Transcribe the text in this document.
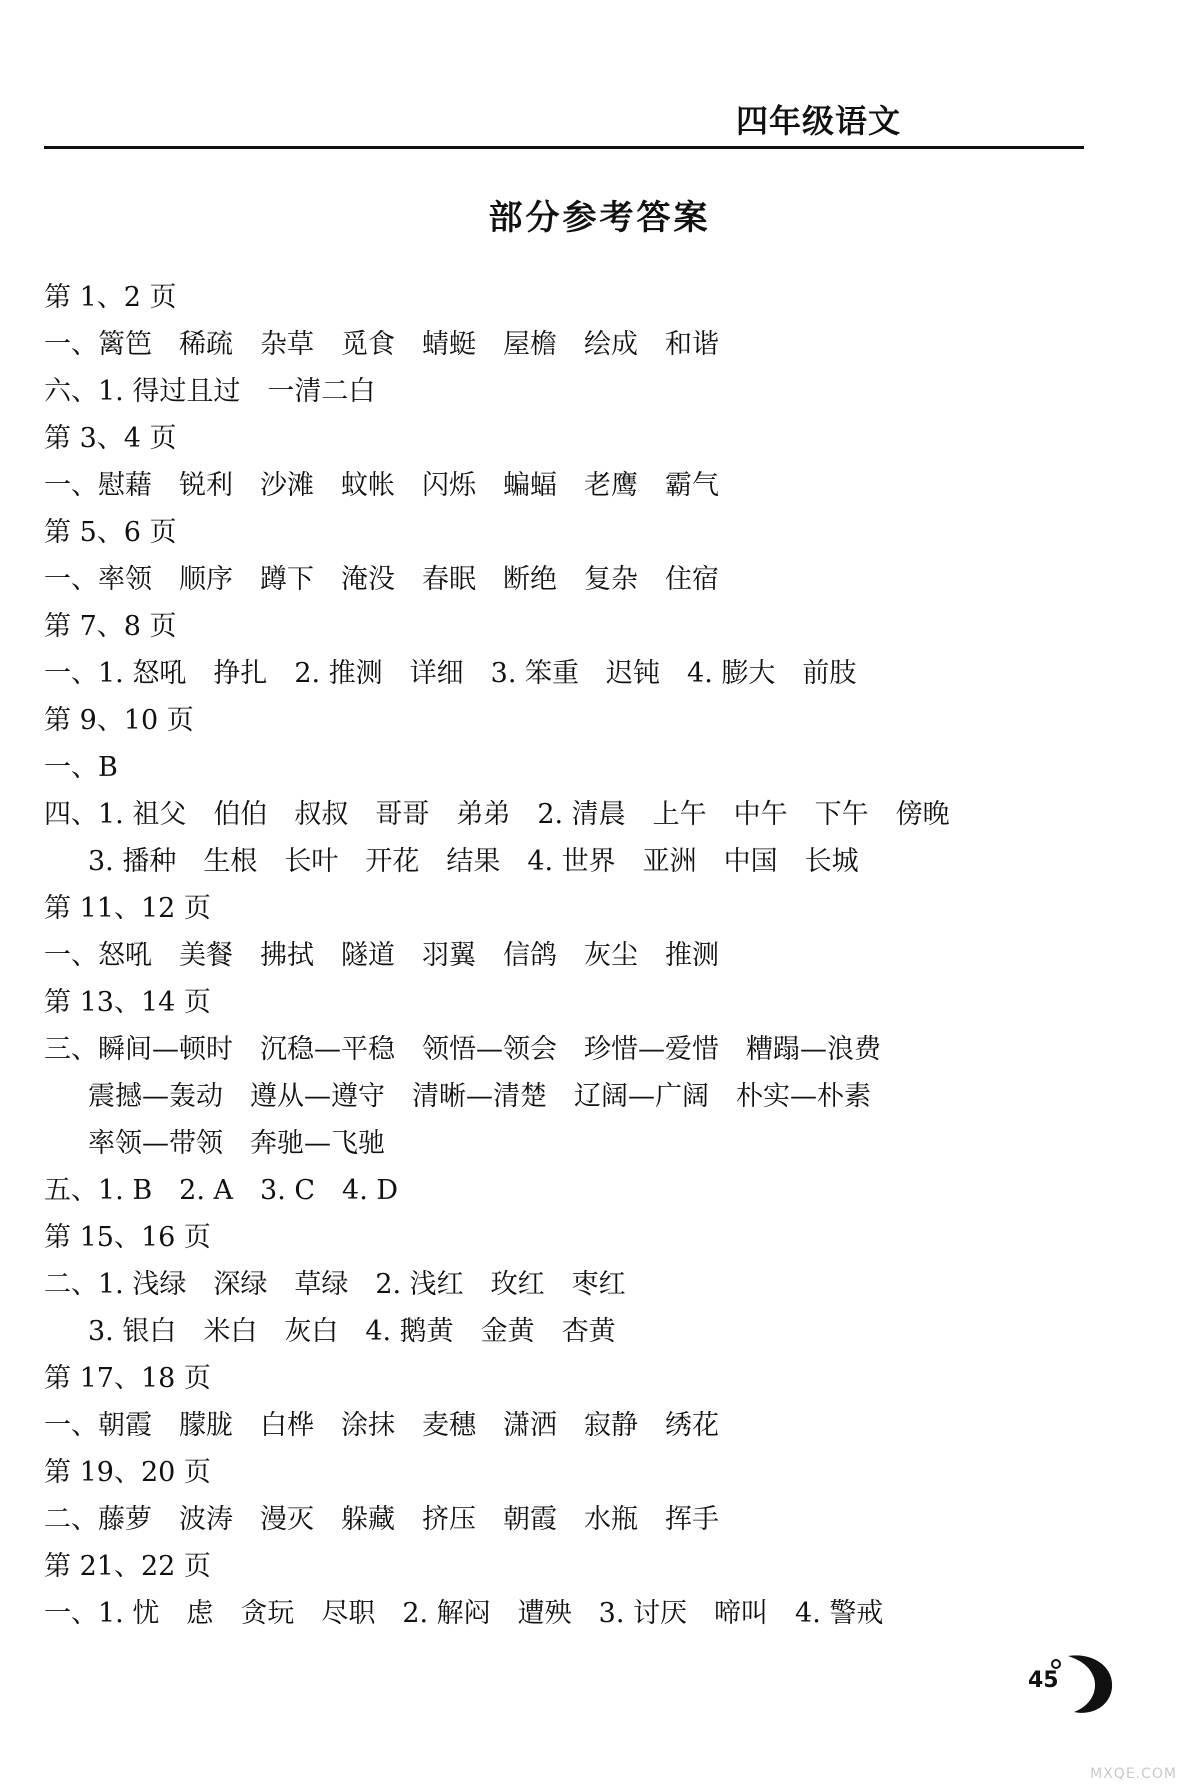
四年级语文
部分参考答案
第 1、2 页
一、篱笆　稀疏　杂草　觅食　蜻蜓　屋檐　绘成　和谐
六、1. 得过且过　一清二白
第 3、4 页
一、慰藉　锐利　沙滩　蚊帐　闪烁　蝙蝠　老鹰　霸气
第 5、6 页
一、率领　顺序　蹲下　淹没　春眠　断绝　复杂　住宿
第 7、8 页
一、1. 怒吼　挣扎　2. 推测　详细　3. 笨重　迟钝　4. 膨大　前肢
第 9、10 页
一、B
四、1. 祖父　伯伯　叔叔　哥哥　弟弟　2. 清晨　上午　中午　下午　傍晚
3. 播种　生根　长叶　开花　结果　4. 世界　亚洲　中国　长城
第 11、12 页
一、怒吼　美餐　拂拭　隧道　羽翼　信鸽　灰尘　推测
第 13、14 页
三、瞬间—顿时　沉稳—平稳　领悟—领会　珍惜—爱惜　糟蹋—浪费
震撼—轰动　遵从—遵守　清晰—清楚　辽阔—广阔　朴实—朴素
率领—带领　奔驰—飞驰
五、1. B　2. A　3. C　4. D
第 15、16 页
二、1. 浅绿　深绿　草绿　2. 浅红　玫红　枣红
3. 银白　米白　灰白　4. 鹅黄　金黄　杏黄
第 17、18 页
一、朝霞　朦胧　白桦　涂抹　麦穗　潇洒　寂静　绣花
第 19、20 页
二、藤萝　波涛　漫灭　躲藏　挤压　朝霞　水瓶　挥手
第 21、22 页
一、1. 忧　虑　贪玩　尽职　2. 解闷　遭殃　3. 讨厌　啼叫　4. 警戒
45
MXQE.COM
